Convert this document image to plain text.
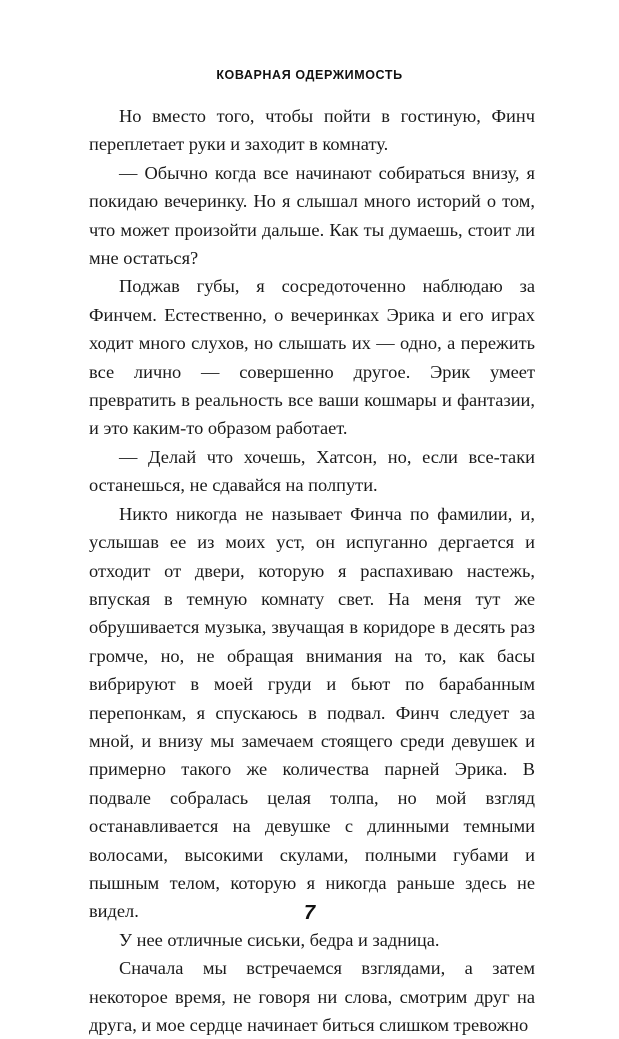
КОВАРНАЯ ОДЕРЖИМОСТЬ

Но вместо того, чтобы пойти в гостиную, Финч переплетает руки и заходит в комнату.

— Обычно когда все начинают собираться внизу, я покидаю вечеринку. Но я слышал много историй о том, что может произойти дальше. Как ты думаешь, стоит ли мне остаться?

Поджав губы, я сосредоточенно наблюдаю за Финчем. Естественно, о вечеринках Эрика и его играх ходит много слухов, но слышать их — одно, а пережить все лично — совершенно другое. Эрик умеет превратить в реальность все ваши кошмары и фантазии, и это каким-то образом работает.

— Делай что хочешь, Хатсон, но, если все-таки останешься, не сдавайся на полпути.

Никто никогда не называет Финча по фамилии, и, услышав ее из моих уст, он испуганно дергается и отходит от двери, которую я распахиваю настежь, впуская в темную комнату свет. На меня тут же обрушивается музыка, звучащая в коридоре в десять раз громче, но, не обращая внимания на то, как басы вибрируют в моей груди и бьют по барабанным перепонкам, я спускаюсь в подвал. Финч следует за мной, и внизу мы замечаем стоящего среди девушек и примерно такого же количества парней Эрика. В подвале собралась целая толпа, но мой взгляд останавливается на девушке с длинными темными волосами, высокими скулами, полными губами и пышным телом, которую я никогда раньше здесь не видел.

У нее отличные сиськи, бедра и задница.

Сначала мы встречаемся взглядами, а затем некоторое время, не говоря ни слова, смотрим друг на друга, и мое сердце начинает биться слишком тревожно

7
